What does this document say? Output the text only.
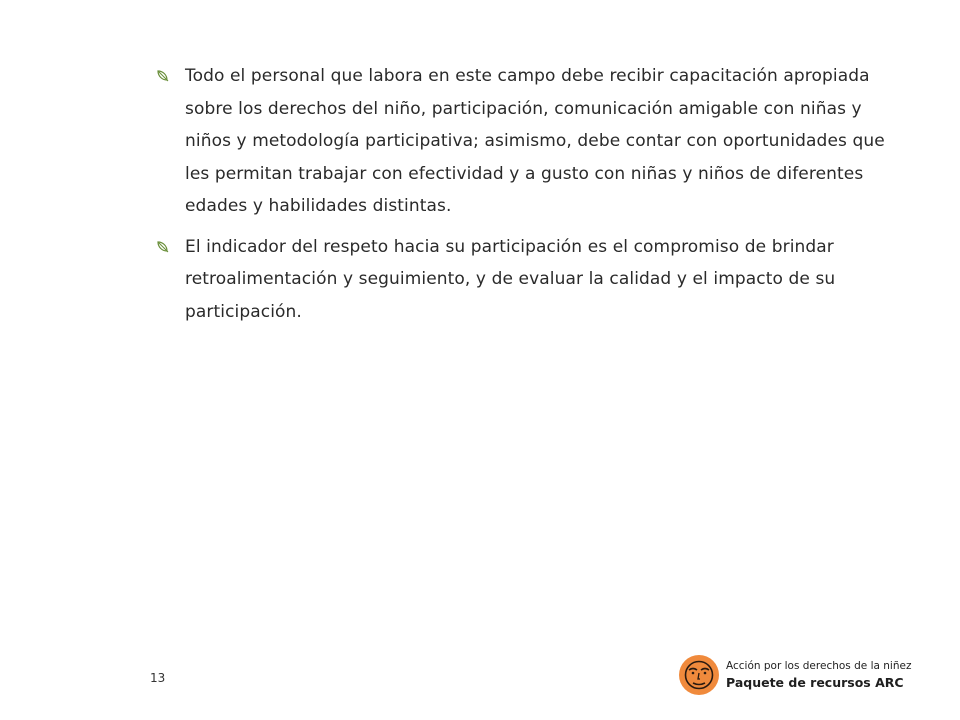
Todo el personal que labora en este campo debe recibir capacitación apropiada sobre los derechos del niño, participación, comunicación amigable con niñas y niños y metodología participativa; asimismo, debe contar con oportunidades que les permitan trabajar con efectividad y a gusto con niñas y niños de diferentes edades y habilidades distintas.
El indicador del respeto hacia su participación es el compromiso de brindar retroalimentación y seguimiento, y de evaluar la calidad y el impacto de su participación.
13
Acción por los derechos de la niñez
Paquete de recursos ARC
